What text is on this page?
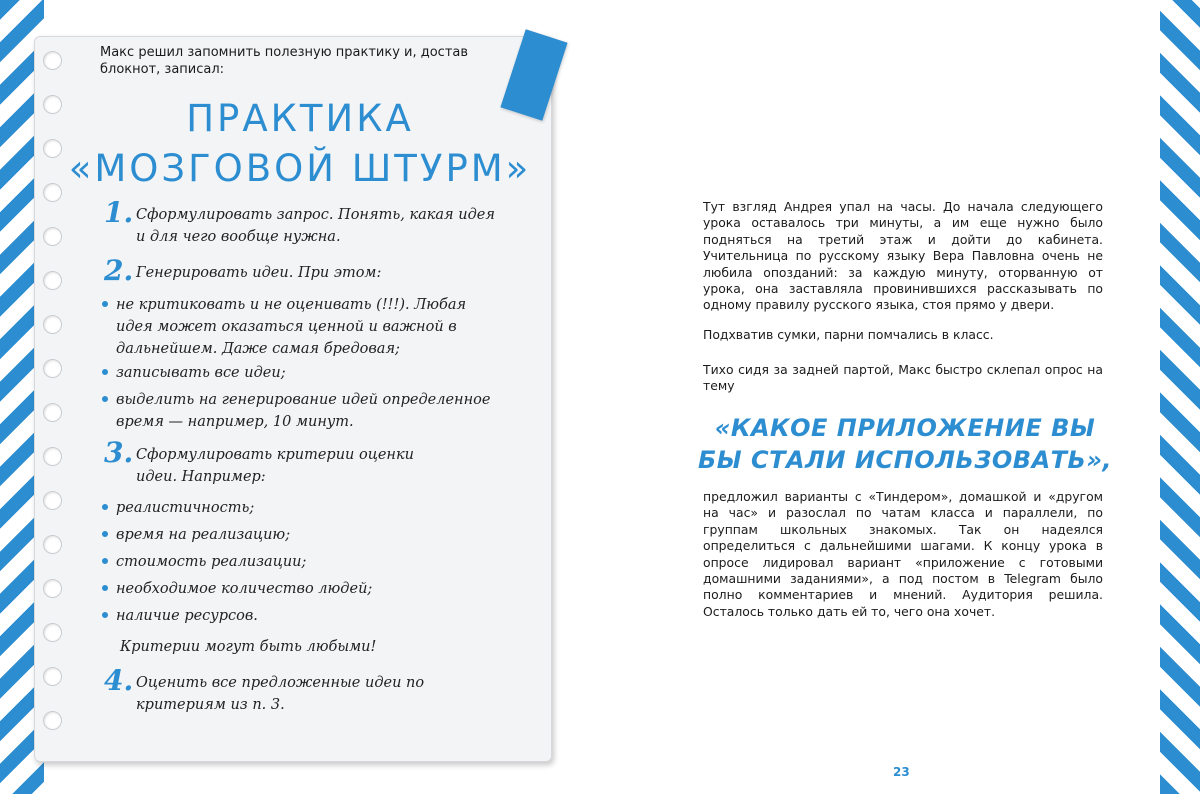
Макс решил запомнить полезную практику и, достав блокнот, записал:
ПРАКТИКА
«МОЗГОВОЙ ШТУРМ»
1. Сформулировать запрос. Понять, какая идея и для чего вообще нужна.
2. Генерировать идеи. При этом:
не критиковать и не оценивать (!!!). Любая идея может оказаться ценной и важной в дальнейшем. Даже самая бредовая;
записывать все идеи;
выделить на генерирование идей определенное время — например, 10 минут.
3. Сформулировать критерии оценки идеи. Например:
реалистичность;
время на реализацию;
стоимость реализации;
необходимое количество людей;
наличие ресурсов.
Критерии могут быть любыми!
4. Оценить все предложенные идеи по критериям из п. 3.
Тут взгляд Андрея упал на часы. До начала следующего урока оставалось три минуты, а им еще нужно было подняться на третий этаж и дойти до кабинета. Учительница по русскому языку Вера Павловна очень не любила опозданий: за каждую минуту, оторванную от урока, она заставляла провинившихся рассказывать по одному правилу русского языка, стоя прямо у двери.
Подхватив сумки, парни помчались в класс.
Тихо сидя за задней партой, Макс быстро склепал опрос на тему
«КАКОЕ ПРИЛОЖЕНИЕ ВЫ БЫ СТАЛИ ИСПОЛЬЗОВАТЬ»,
предложил варианты с «Тиндером», домашкой и «другом на час» и разослал по чатам класса и параллели, по группам школьных знакомых. Так он надеялся определиться с дальнейшими шагами. К концу урока в опросе лидировал вариант «приложение с готовыми домашними заданиями», а под постом в Telegram было полно комментариев и мнений. Аудитория решила. Осталось только дать ей то, чего она хочет.
23
